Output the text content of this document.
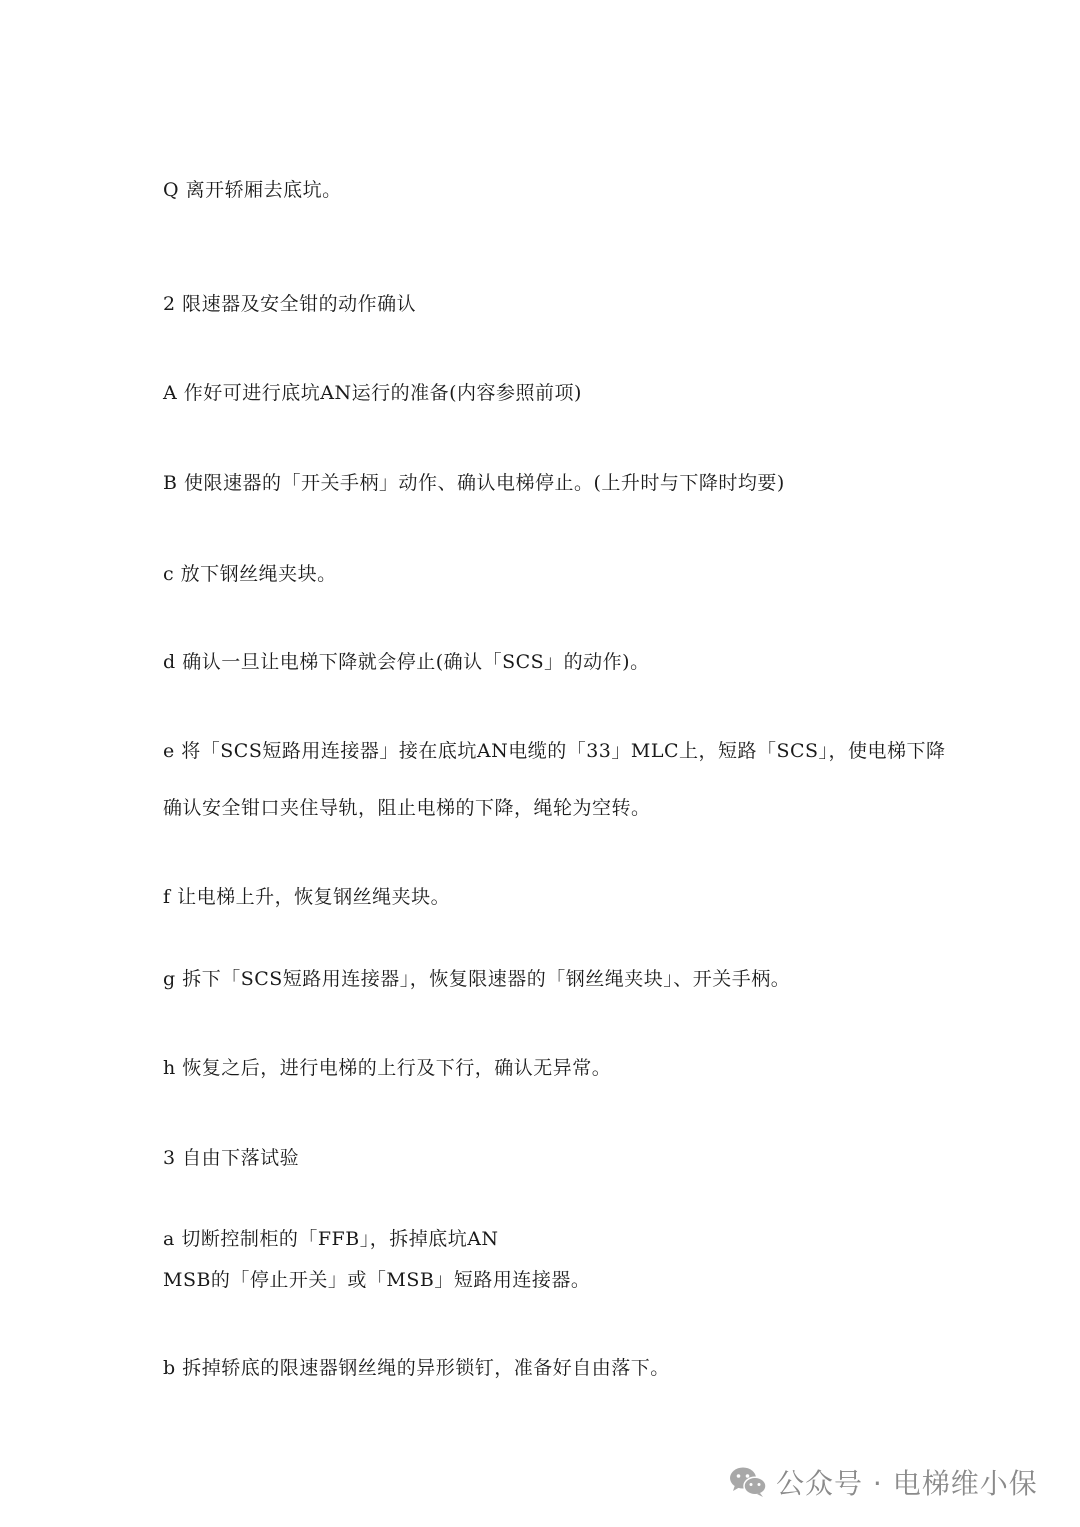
Q 离开轿厢去底坑。
2 限速器及安全钳的动作确认
A 作好可进行底坑AN运行的准备(内容参照前项)
B 使限速器的「开关手柄」动作、确认电梯停止。(上升时与下降时均要)
c 放下钢丝绳夹块。
d 确认一旦让电梯下降就会停止(确认「SCS」的动作)。
e 将「SCS短路用连接器」接在底坑AN电缆的「33」MLC上，短路「SCS」，使电梯下降
确认安全钳口夹住导轨，阻止电梯的下降，绳轮为空转。
f 让电梯上升，恢复钢丝绳夹块。
g 拆下「SCS短路用连接器」，恢复限速器的「钢丝绳夹块」、开关手柄。
h 恢复之后，进行电梯的上行及下行，确认无异常。
3 自由下落试验
a 切断控制柜的「FFB」，拆掉底坑AN
MSB的「停止开关」或「MSB」短路用连接器。
b 拆掉轿底的限速器钢丝绳的异形锁钉，准备好自由落下。
公众号 · 电梯维小保
